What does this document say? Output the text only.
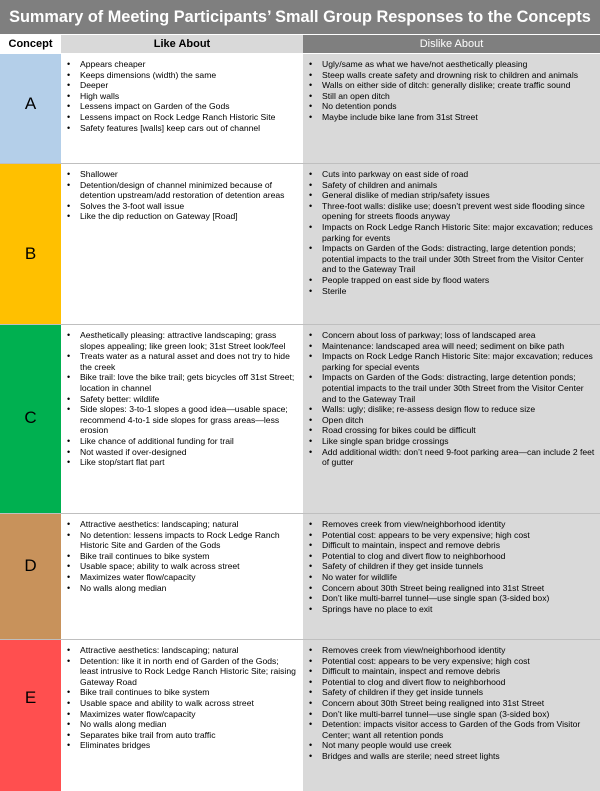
Summary of Meeting Participants’ Small Group Responses to the Concepts
Concept	Like About	Dislike About
A
• Appears cheaper
• Keeps dimensions (width) the same
• Deeper
• High walls
• Lessens impact on Garden of the Gods
• Lessens impact on Rock Ledge Ranch Historic Site
• Safety features [walls] keep cars out of channel
• Ugly/same as what we have/not aesthetically pleasing
• Steep walls create safety and drowning risk to children and animals
• Walls on either side of ditch: generally dislike; create traffic sound
• Still an open ditch
• No detention ponds
• Maybe include bike lane from 31st Street
B
• Shallower
• Detention/design of channel minimized because of detention upstream/add restoration of detention areas
• Solves the 3-foot wall issue
• Like the dip reduction on Gateway [Road]
• Cuts into parkway on east side of road
• Safety of children and animals
• General dislike of median strip/safety issues
• Three-foot walls: dislike use; doesn’t prevent west side flooding since opening for streets floods anyway
• Impacts on Rock Ledge Ranch Historic Site: major excavation; reduces parking for events
• Impacts on Garden of the Gods: distracting, large detention ponds; potential impacts to the trail under 30th Street from the Visitor Center and to the Gateway Trail
• People trapped on east side by flood waters
• Sterile
C
• Aesthetically pleasing: attractive landscaping; grass slopes appealing; like green look; 31st Street look/feel
• Treats water as a natural asset and does not try to hide the creek
• Bike trail: love the bike trail; gets bicycles off 31st Street; location in channel
• Safety better: wildlife
• Side slopes: 3-to-1 slopes a good idea—usable space; recommend 4-to-1 side slopes for grass areas—less erosion
• Like chance of additional funding for trail
• Not wasted if over-designed
• Like stop/start flat part
• Concern about loss of parkway; loss of landscaped area
• Maintenance: landscaped area will need; sediment on bike path
• Impacts on Rock Ledge Ranch Historic Site: major excavation; reduces parking for special events
• Impacts on Garden of the Gods: distracting, large detention ponds; potential impacts to the trail under 30th Street from the Visitor Center and to the Gateway Trail
• Walls: ugly; dislike; re-assess design flow to reduce size
• Open ditch
• Road crossing for bikes could be difficult
• Like single span bridge crossings
• Add additional width: don’t need 9-foot parking area—can include 2 feet of gutter
D
• Attractive aesthetics: landscaping; natural
• No detention: lessens impacts to Rock Ledge Ranch Historic Site and Garden of the Gods
• Bike trail continues to bike system
• Usable space; ability to walk across street
• Maximizes water flow/capacity
• No walls along median
• Removes creek from view/neighborhood identity
• Potential cost: appears to be very expensive; high cost
• Difficult to maintain, inspect and remove debris
• Potential to clog and divert flow to neighborhood
• Safety of children if they get inside tunnels
• No water for wildlife
• Concern about 30th Street being realigned into 31st Street
• Don’t like multi-barrel tunnel—use single span (3-sided box)
• Springs have no place to exit
E
• Attractive aesthetics: landscaping; natural
• Detention: like it in north end of Garden of the Gods; least intrusive to Rock Ledge Ranch Historic Site; raising Gateway Road
• Bike trail continues to bike system
• Usable space and ability to walk across street
• Maximizes water flow/capacity
• No walls along median
• Separates bike trail from auto traffic
• Eliminates bridges
• Removes creek from view/neighborhood identity
• Potential cost: appears to be very expensive; high cost
• Difficult to maintain, inspect and remove debris
• Potential to clog and divert flow to neighborhood
• Safety of children if they get inside tunnels
• Concern about 30th Street being realigned into 31st Street
• Don’t like multi-barrel tunnel—use single span (3-sided box)
• Detention: impacts visitor access to Garden of the Gods from Visitor Center; want all retention ponds
• Not many people would use creek
• Bridges and walls are sterile; need street lights
